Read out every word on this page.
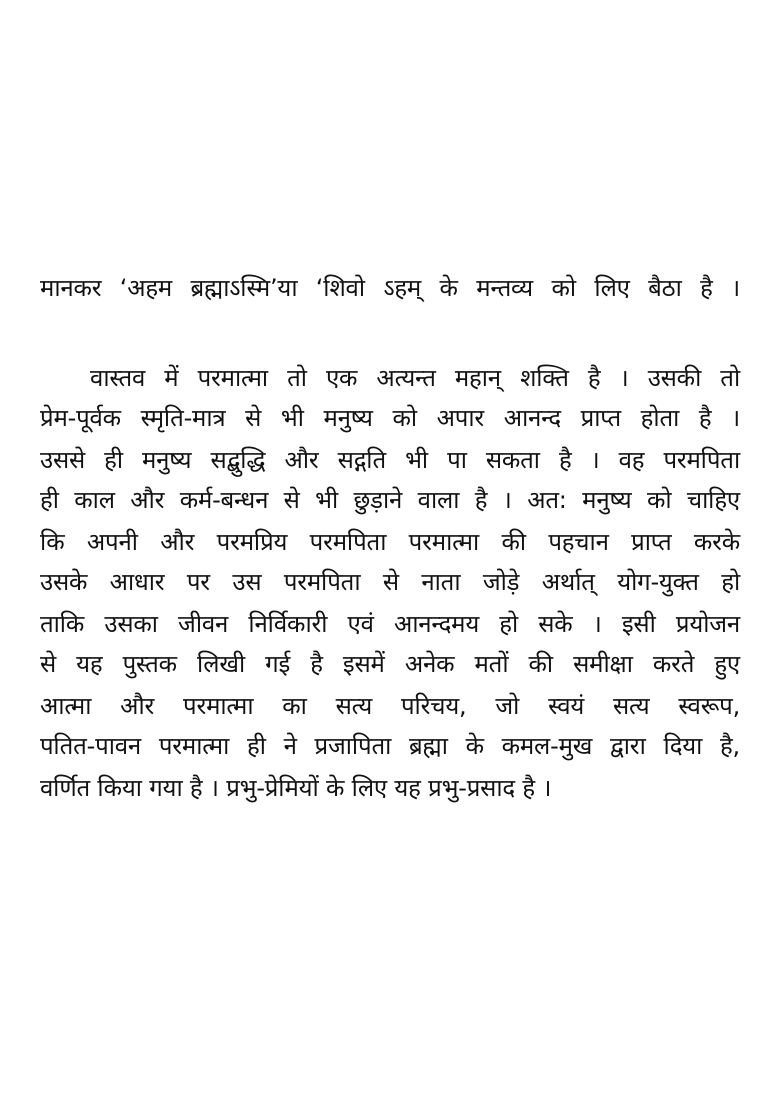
मानकर ‘अहम ब्रह्माऽस्मि’या ‘शिवो ऽहम् के मन्तव्य को लिए बैठा है ।
वास्तव में परमात्मा तो एक अत्यन्त महान् शक्ति है । उसकी तो
प्रेम-पूर्वक स्मृति-मात्र से भी मनुष्य को अपार आनन्द प्राप्त होता है ।
उससे ही मनुष्य सद्बुद्धि और सद्गति भी पा सकता है । वह परमपिता
ही काल और कर्म-बन्धन से भी छुड़ाने वाला है । अत: मनुष्य को चाहिए
कि अपनी और परमप्रिय परमपिता परमात्मा की पहचान प्राप्त करके
उसके आधार पर उस परमपिता से नाता जोड़े अर्थात् योग-युक्त हो
ताकि उसका जीवन निर्विकारी एवं आनन्दमय हो सके । इसी प्रयोजन
से यह पुस्तक लिखी गई है इसमें अनेक मतों की समीक्षा करते हुए
आत्मा और परमात्मा का सत्य परिचय, जो स्वयं सत्य स्वरूप,
पतित-पावन परमात्मा ही ने प्रजापिता ब्रह्मा के कमल-मुख द्वारा दिया है,
वर्णित किया गया है । प्रभु-प्रेमियों के लिए यह प्रभु-प्रसाद है ।
